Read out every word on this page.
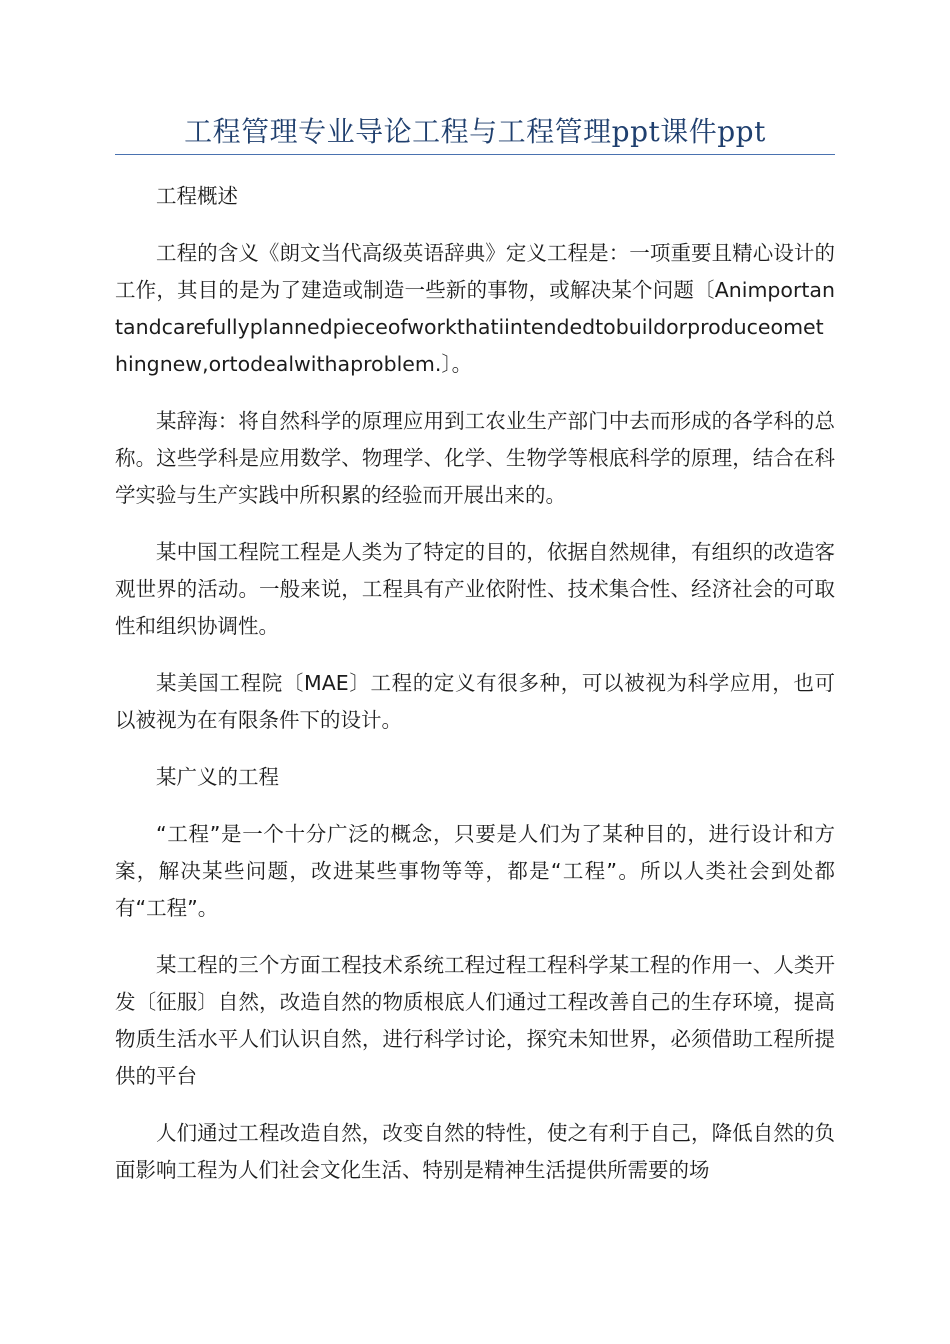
工程管理专业导论工程与工程管理ppt课件ppt

工程概述

工程的含义《朗文当代高级英语辞典》定义工程是：一项重要且精心设计的工作，其目的是为了建造或制造一些新的事物，或解决某个问题〔Animportantandcarefullyplannedpieceofworkthatiintendedtobuildorproduceomethingnew,ortodealwithaproblem.〕。

某辞海：将自然科学的原理应用到工农业生产部门中去而形成的各学科的总称。这些学科是应用数学、物理学、化学、生物学等根底科学的原理，结合在科学实验与生产实践中所积累的经验而开展出来的。

某中国工程院工程是人类为了特定的目的，依据自然规律，有组织的改造客观世界的活动。一般来说，工程具有产业依附性、技术集合性、经济社会的可取性和组织协调性。

某美国工程院〔MAE〕工程的定义有很多种，可以被视为科学应用，也可以被视为在有限条件下的设计。

某广义的工程

“工程”是一个十分广泛的概念，只要是人们为了某种目的，进行设计和方案，解决某些问题，改进某些事物等等，都是“工程”。所以人类社会到处都有“工程”。

某工程的三个方面工程技术系统工程过程工程科学某工程的作用一、人类开发〔征服〕自然，改造自然的物质根底人们通过工程改善自己的生存环境，提高物质生活水平人们认识自然，进行科学讨论，探究未知世界，必须借助工程所提供的平台

人们通过工程改造自然，改变自然的特性，使之有利于自己，降低自然的负面影响工程为人们社会文化生活、特别是精神生活提供所需要的场
